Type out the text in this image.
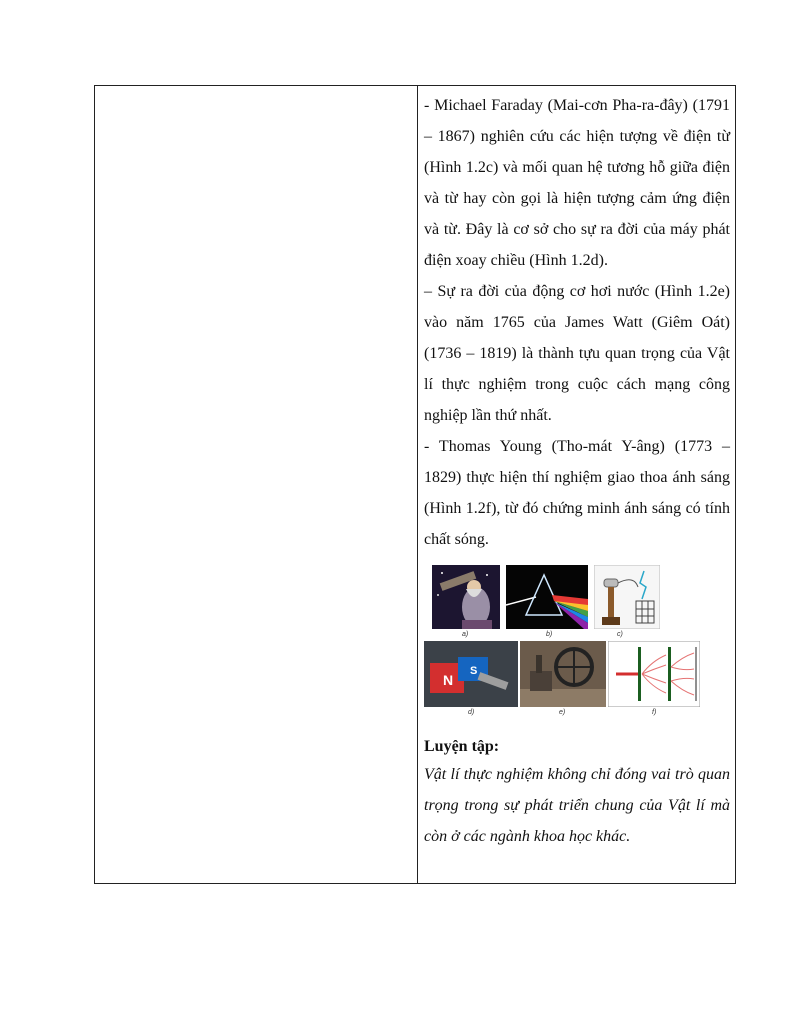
- Michael Faraday (Mai-cơn Pha-ra-đây) (1791 – 1867) nghiên cứu các hiện tượng về điện từ (Hình 1.2c) và mối quan hệ tương hỗ giữa điện và từ hay còn gọi là hiện tượng cảm ứng điện và từ. Đây là cơ sở cho sự ra đời của máy phát điện xoay chiều (Hình 1.2d).

– Sự ra đời của động cơ hơi nước (Hình 1.2e) vào năm 1765 của James Watt (Giêm Oát) (1736 – 1819) là thành tựu quan trọng của Vật lí thực nghiệm trong cuộc cách mạng công nghiệp lần thứ nhất.

- Thomas Young (Tho-mát Y-âng) (1773 – 1829) thực hiện thí nghiệm giao thoa ánh sáng (Hình 1.2f), từ đó chứng minh ánh sáng có tính chất sóng.

a)	b)	c)
N
S
d)	e)	f)

Luyện tập:

Vật lí thực nghiệm không chỉ đóng vai trò quan trọng trong sự phát triển chung của Vật lí mà còn ở các ngành khoa học khác.
